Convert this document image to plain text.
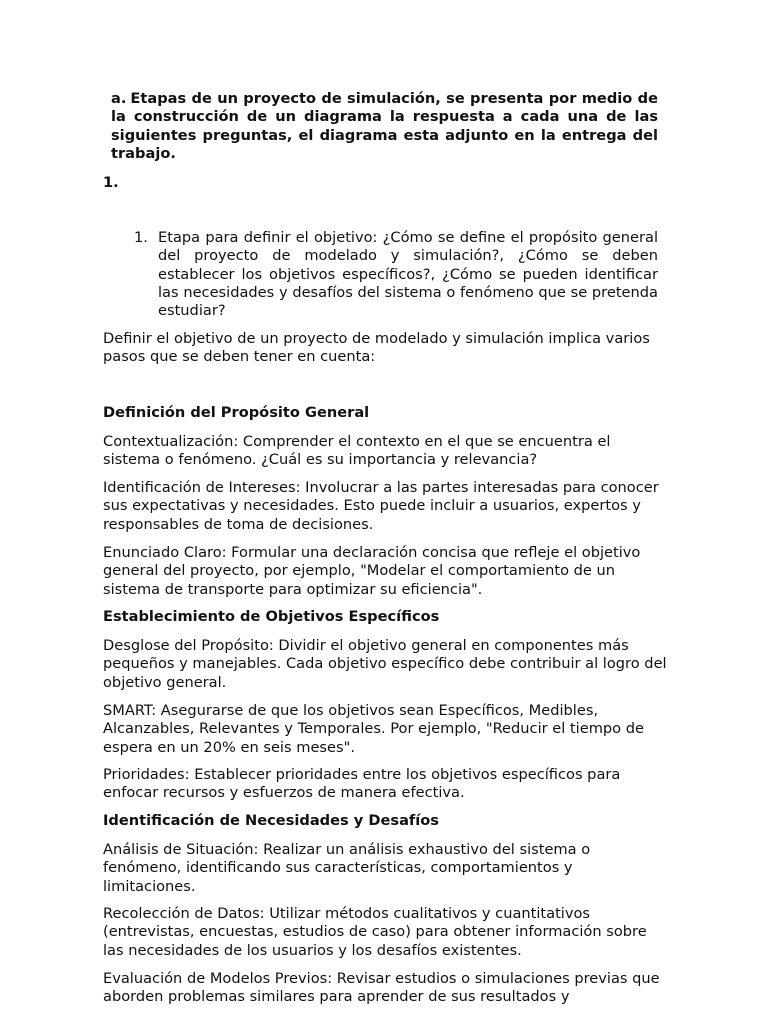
a. Etapas de un proyecto de simulación, se presenta por medio de la construcción de un diagrama la respuesta a cada una de las siguientes preguntas, el diagrama esta adjunto en la entrega del trabajo.
1.
1. Etapa para definir el objetivo: ¿Cómo se define el propósito general del proyecto de modelado y simulación?, ¿Cómo se deben establecer los objetivos específicos?, ¿Cómo se pueden identificar las necesidades y desafíos del sistema o fenómeno que se pretenda estudiar?

Definir el objetivo de un proyecto de modelado y simulación implica varios pasos que se deben tener en cuenta:

Definición del Propósito General

Contextualización: Comprender el contexto en el que se encuentra el sistema o fenómeno. ¿Cuál es su importancia y relevancia?

Identificación de Intereses: Involucrar a las partes interesadas para conocer sus expectativas y necesidades. Esto puede incluir a usuarios, expertos y responsables de toma de decisiones.

Enunciado Claro: Formular una declaración concisa que refleje el objetivo general del proyecto, por ejemplo, "Modelar el comportamiento de un sistema de transporte para optimizar su eficiencia".

Establecimiento de Objetivos Específicos

Desglose del Propósito: Dividir el objetivo general en componentes más pequeños y manejables. Cada objetivo específico debe contribuir al logro del objetivo general.

SMART: Asegurarse de que los objetivos sean Específicos, Medibles, Alcanzables, Relevantes y Temporales. Por ejemplo, "Reducir el tiempo de espera en un 20% en seis meses".

Prioridades: Establecer prioridades entre los objetivos específicos para enfocar recursos y esfuerzos de manera efectiva.

Identificación de Necesidades y Desafíos

Análisis de Situación: Realizar un análisis exhaustivo del sistema o fenómeno, identificando sus características, comportamientos y limitaciones.

Recolección de Datos: Utilizar métodos cualitativos y cuantitativos (entrevistas, encuestas, estudios de caso) para obtener información sobre las necesidades de los usuarios y los desafíos existentes.

Evaluación de Modelos Previos: Revisar estudios o simulaciones previas que aborden problemas similares para aprender de sus resultados y
